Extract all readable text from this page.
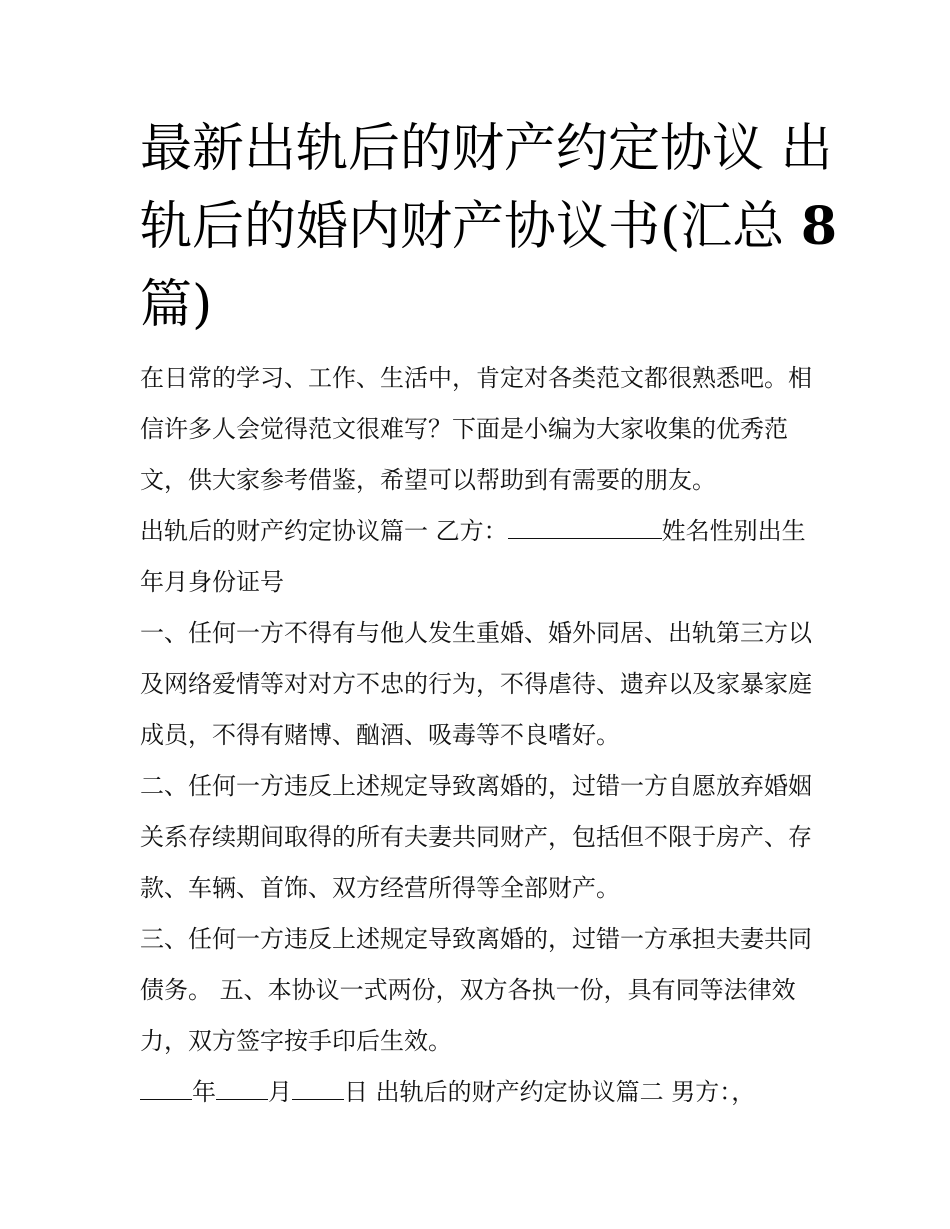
最新出轨后的财产约定协议 出轨后的婚内财产协议书(汇总 8
篇)

在日常的学习、工作、生活中，肯定对各类范文都很熟悉吧。相信许多人会觉得范文很难写？下面是小编为大家收集的优秀范文，供大家参考借鉴，希望可以帮助到有需要的朋友。

出轨后的财产约定协议篇一 乙方：	姓名性别出生年月身份证号

一、任何一方不得有与他人发生重婚、婚外同居、出轨第三方以及网络爱情等对对方不忠的行为，不得虐待、遗弃以及家暴家庭成员，不得有赌博、酗酒、吸毒等不良嗜好。

二、任何一方违反上述规定导致离婚的，过错一方自愿放弃婚姻关系存续期间取得的所有夫妻共同财产，包括但不限于房产、存款、车辆、首饰、双方经营所得等全部财产。

三、任何一方违反上述规定导致离婚的，过错一方承担夫妻共同债务。 五、本协议一式两份，双方各执一份，具有同等法律效力，双方签字按手印后生效。

年 月 日 出轨后的财产约定协议篇二 男方：，
